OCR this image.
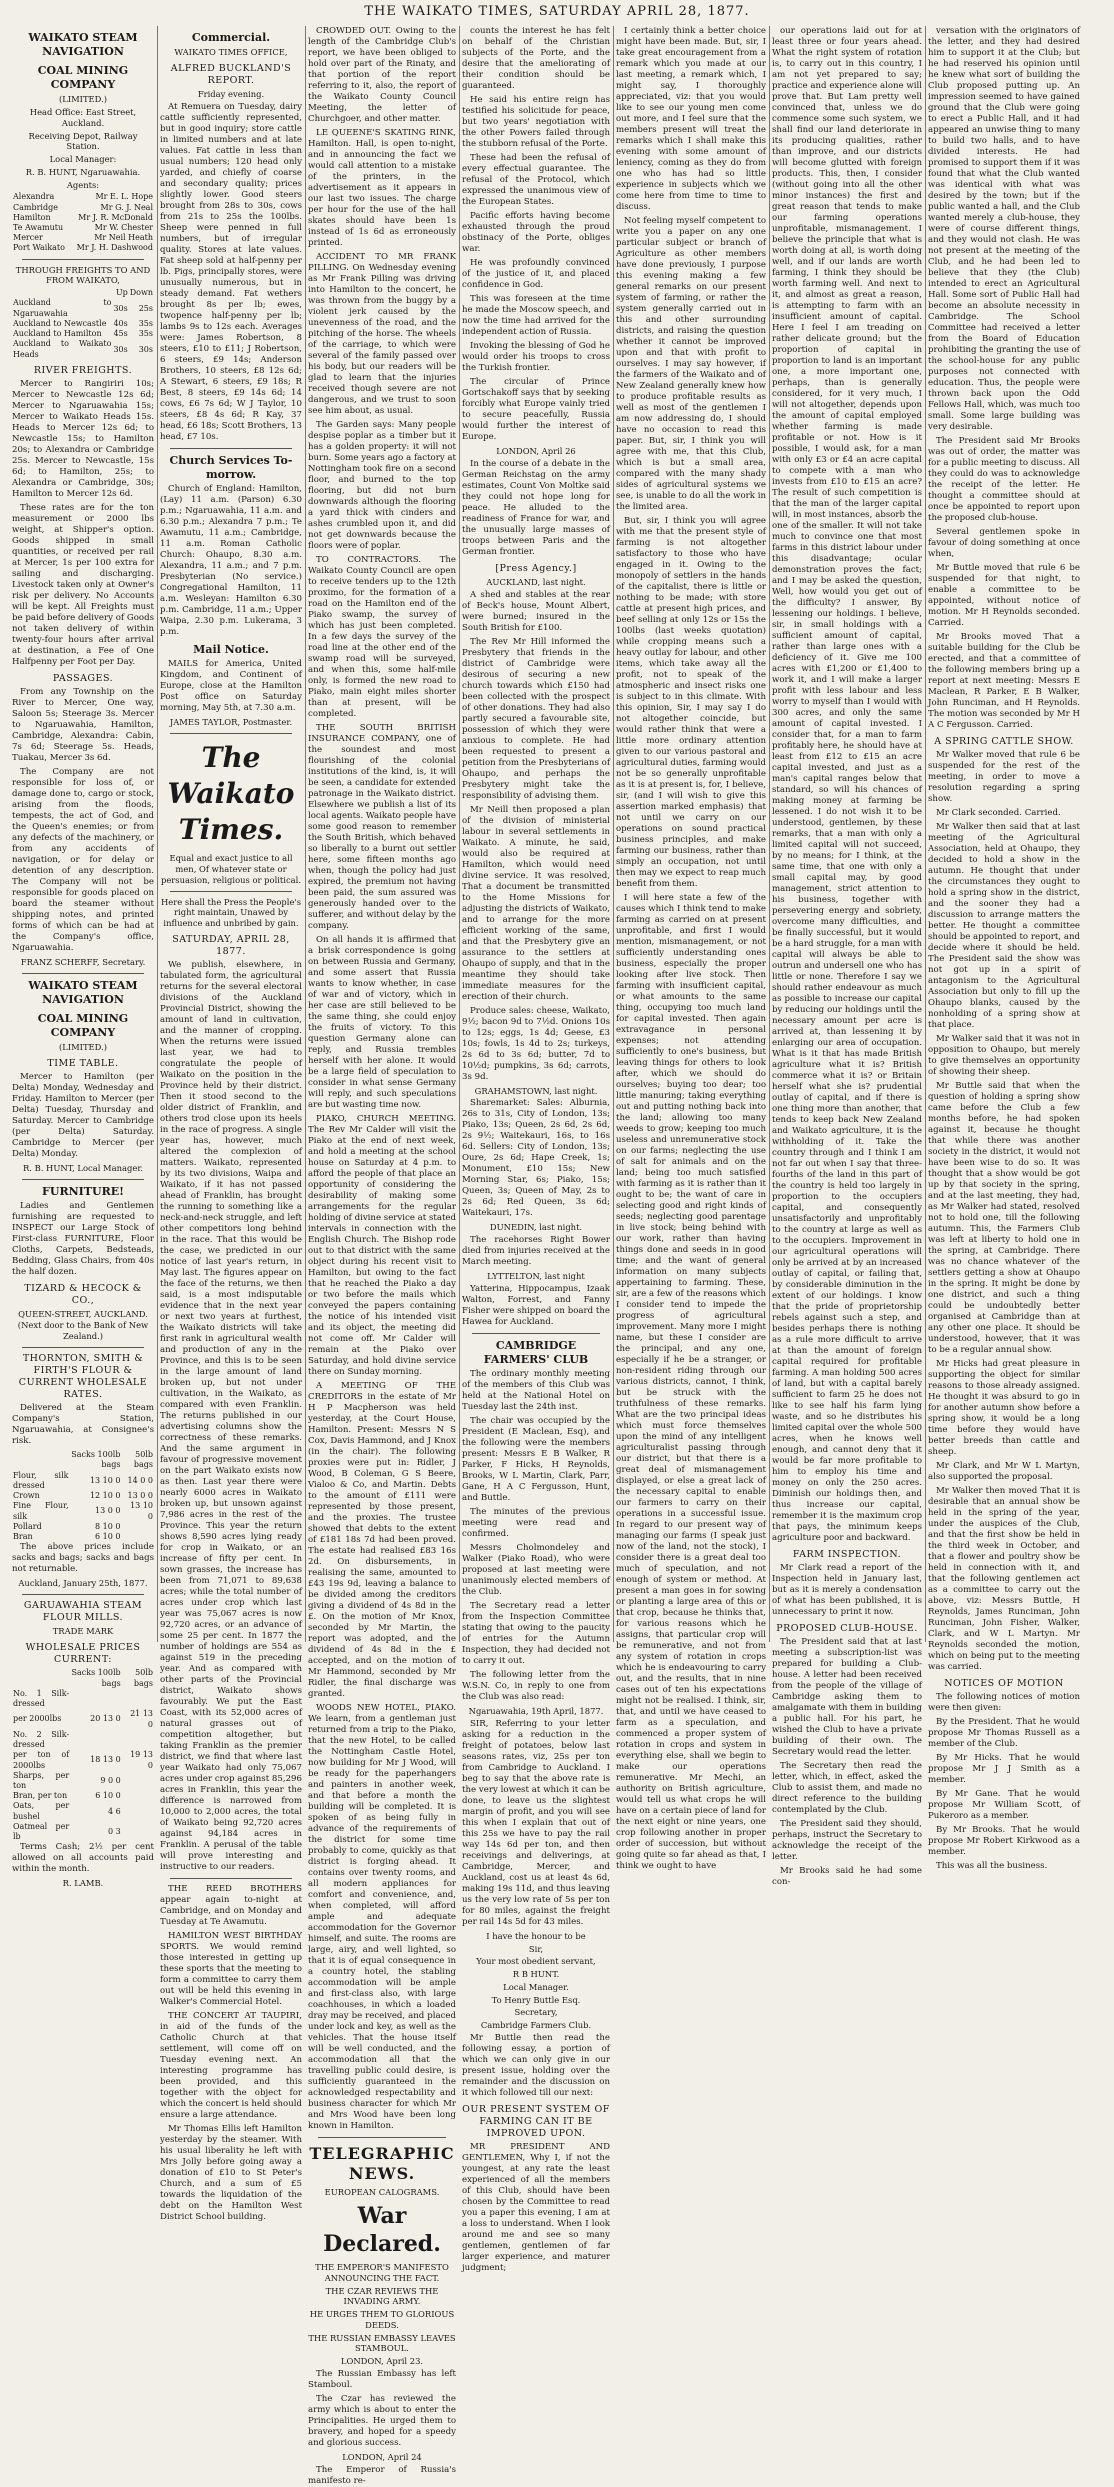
THE WAIKATO TIMES, SATURDAY APRIL 28, 1877.
WAIKATO STEAM NAVIGATION
COAL MINING COMPANY
(LIMITED.)
Head Office: East Street, Auckland.
Receiving Depot, Railway Station.
Local Manager:
R. B. HUNT, Ngaruawahia.
Agents:
Alexandra	Mr E. L. Hope
Cambridge	Mr G. J. Neal
Hamilton	Mr J. R. McDonald
Te Awamutu	Mr W. Chester
Mercer	Mr Neil Heath
Port Waikato	Mr J. H. Dashwood
THROUGH FREIGHTS TO AND FROM WAIKATO,
	Up	Down
Auckland to Ngaruawahia	30s	25s
Auckland to Newcastle	40s	35s
Auckland to Hamilton	45s	35s
Auckland to Waikato Heads	30s	30s
RIVER FREIGHTS.

Mercer to Rangiriri 10s; Mercer to Newcastle 12s 6d; Mercer to Ngaruawahia 15s; Mercer to Waikato Heads 15s. Heads to Mercer 12s 6d; to Newcastle 15s; to Hamilton 20s; to Alexandra or Cambridge 25s. Mercer to Newcastle, 15s 6d; to Hamilton, 25s; to Alexandra or Cambridge, 30s; Hamilton to Mercer 12s 6d.

These rates are for the ton measurement or 2000 lbs weight, at Shipper's option. Goods shipped in small quantities, or received per rail at Mercer, 1s per 100 extra for sailing and discharging. Livestock taken only at Owner's risk per delivery. No Accounts will be kept. All Freights must be paid before delivery of Goods not taken delivery of within twenty-four hours after arrival at destination, a Fee of One Halfpenny per Foot per Day.

PASSAGES.

From any Township on the River to Mercer, One way, Saloon 5s; Steerage 3s. Mercer to Ngaruawahia, Hamilton, Cambridge, Alexandra: Cabin, 7s 6d; Steerage 5s. Heads, Tuakau, Mercer 3s 6d.

The Company are not responsible for loss of, or damage done to, cargo or stock, arising from the floods, tempests, the act of God, and the Queen's enemies; or from any defects of the machinery, or from any accidents of navigation, or for delay or detention of any description. The Company will not be responsible for goods placed on board the steamer without shipping notes, and printed forms of which can be had at the Company's office, Ngaruawahia.

FRANZ SCHERFF, Secretary.
WAIKATO STEAM NAVIGATION
COAL MINING COMPANY
(LIMITED.)
TIME TABLE.

Mercer to Hamilton (per Delta) Monday, Wednesday and Friday. Hamilton to Mercer (per Delta) Tuesday, Thursday and Saturday. Mercer to Cambridge (per Delta) Saturday. Cambridge to Mercer (per Delta) Monday.

R. B. HUNT, Local Manager.
FURNITURE!

Ladies and Gentlemen furnishing are requested to INSPECT our Large Stock of First-class FURNITURE, Floor Cloths, Carpets, Bedsteads, Bedding, Glass Chairs, from 40s the half dozen.

TIZARD & HECOCK & CO.,
QUEEN-STREET, AUCKLAND. (Next door to the Bank of New Zealand.)
THORNTON, SMITH & FIRTH'S FLOUR & CURRENT WHOLESALE RATES.

Delivered at the Steam Company's Station, Ngaruawahia, at Consignee's risk.

	Sacks 100lb bags	50lb bags
Flour, silk dressed	13 10 0	14 0 0
Crown	12 10 0	13 0 0
Fine Flour, silk	13 0 0	13 10 0
Pollard	8 10 0	
Bran	6 10 0	

The above prices include sacks and bags; sacks and bags not returnable.

Auckland, January 25th, 1877.
GARUAWAHIA STEAM FLOUR MILLS.
TRADE MARK
WHOLESALE PRICES CURRENT:
	Sacks 100lb bags	50lb bags
No. 1 Silk-dressed		
per 2000lbs	20 13 0	21 13 0
No. 2 Silk-dressed		
per ton of 2000lbs	18 13 0	19 13 0
Sharps, per ton	9 0 0	
Bran, per ton	6 10 0	
Oats, per bushel	4 6	
Oatmeal per lb	0 3	

Terms Cash; 2½ per cent allowed on all accounts paid within the month.

R. LAMB.
Commercial.
WAIKATO TIMES OFFICE,
ALFRED BUCKLAND'S REPORT.
Friday evening.

At Remuera on Tuesday, dairy cattle sufficiently represented, but in good inquiry; store cattle in limited numbers and at late values. Fat cattle in less than usual numbers; 120 head only yarded, and chiefly of coarse and secondary quality; prices slightly lower. Good steers brought from 28s to 30s, cows from 21s to 25s the 100lbs. Sheep were penned in full numbers, but of irregular quality. Stores at late values. Fat sheep sold at half-penny per lb. Pigs, principally stores, were unusually numerous, but in steady demand. Fat wethers brought 8s per lb; ewes, twopence half-penny per lb; lambs 9s to 12s each. Averages were: James Robertson, 8 steers, £10 to £11; J Robertson, 6 steers, £9 14s; Anderson Brothers, 10 steers, £8 12s 6d; A Stewart, 6 steers, £9 18s; R Best, 8 steers, £9 14s 6d; 14 cows, £6 7s 6d; W J Taylor, 10 steers, £8 4s 6d; R Kay, 37 head, £6 18s; Scott Brothers, 13 head, £7 10s.

Church Services To-morrow.

Church of England: Hamilton, (Lay) 11 a.m. (Parson) 6.30 p.m.; Ngaruawahia, 11 a.m. and 6.30 p.m.; Alexandra 7 p.m.; Te Awamutu, 11 a.m.; Cambridge, 11 a.m. Roman Catholic Church: Ohaupo, 8.30 a.m. Alexandra, 11 a.m.; and 7 p.m. Presbyterian (No service.) Congregational Hamilton, 11 a.m. Wesleyan: Hamilton 6.30 p.m. Cambridge, 11 a.m.; Upper Waipa, 2.30 p.m. Lukerama, 3 p.m.

Mail Notice.

MAILS for America, United Kingdom, and Continent of Europe, close at the Hamilton Post office on Saturday morning, May 5th, at 7.30 a.m.

JAMES TAYLOR, Postmaster.
The Waikato Times.
Equal and exact justice to all men, Of whatever state or persuasion, religious or political.
Here shall the Press the People's right maintain, Unawed by influence and unbribed by gain.
SATURDAY, APRIL 28, 1877.

We publish, elsewhere, in tabulated form, the agricultural returns for the several electoral divisions of the Auckland Provincial District, showing the amount of land in cultivation, and the manner of cropping. When the returns were issued last year, we had to congratulate the people of Waikato on the position in the Province held by their district. Then it stood second to the older district of Franklin, and others trod close upon its heels in the race of progress. A single year has, however, much altered the complexion of matters. Waikato, represented by its two divisions, Waipa and Waikato, if it has not passed ahead of Franklin, has brought the running to something like a neck-and-neck struggle, and left other competitors long behind in the race. That this would be the case, we predicted in our notice of last year's return, in May last. The figures appear on the face of the returns, we then said, is a most indisputable evidence that in the next year or next two years at furthest, the Waikato districts will take first rank in agricultural wealth and production of any in the Province, and this is to be seen in the large amount of land broken up, but not under cultivation, in the Waikato, as compared with even Franklin. The returns published in our advertising columns show the correctness of these remarks. And the same argument in favour of progressive movement on the part Waikato exists now as then. Last year there were nearly 6000 acres in Waikato broken up, but unsown against 7,986 acres in the rest of the Province. This year the return shows 8,590 acres lying ready for crop in Waikato, or an increase of fifty per cent. In sown grasses, the increase has been from 71,071 to 89,638 acres; while the total number of acres under crop which last year was 75,067 acres is now 92,720 acres, or an advance of some 25 per cent. In 1877 the number of holdings are 554 as against 519 in the preceding year. And as compared with other parts of the Provincial district, Waikato shows favourably. We put the East Coast, with its 52,000 acres of natural grasses out of competition altogether, but taking Franklin as the premier district, we find that where last year Waikato had only 75,067 acres under crop against 85,296 acres in Franklin, this year the difference is narrowed from 10,000 to 2,000 acres, the total of Waikato being 92,720 acres against 94,184 acres in Franklin. A perusal of the table will prove interesting and instructive to our readers.

THE REED BROTHERS appear again to-night at Cambridge, and on Monday and Tuesday at Te Awamutu.

HAMILTON WEST BIRTHDAY SPORTS. We would remind those interested in getting up these sports that the meeting to form a committee to carry them out will be held this evening in Walker's Commercial Hotel.

THE CONCERT AT TAUPIRI, in aid of the funds of the Catholic Church at that settlement, will come off on Tuesday evening next. An interesting programme has been provided, and this together with the object for which the concert is held should ensure a large attendance.

Mr Thomas Ellis left Hamilton yesterday by the steamer. With his usual liberality he left with Mrs Jolly before going away a donation of £10 to St Peter's Church, and a sum of £5 towards the liquidation of the debt on the Hamilton West District School building.

CROWDED OUT. Owing to the length of the Cambridge Club's report, we have been obliged to hold over part of the Rinaty, and that portion of the report referring to it, also, the report of the Waikato County Council Meeting, the letter of Churchgoer, and other matter.

LE QUEENE'S SKATING RINK, Hamilton. Hall, is open to-night, and in announcing the fact we would call attention to a mistake of the printers, in the advertisement as it appears in our last two issues. The charge per hour for the use of the hall skates should have been 1s instead of 1s 6d as erroneously printed.

ACCIDENT TO MR FRANK PILLING. On Wednesday evening as Mr Frank Pilling was driving into Hamilton to the concert, he was thrown from the buggy by a violent jerk caused by the unevenness of the road, and the pitching of the horse. The wheels of the carriage, to which were several of the family passed over his body, but our readers will be glad to learn that the injuries received though severe are not dangerous, and we trust to soon see him about, as usual.

The Garden says: Many people despise poplar as a timber but it has a golden property: it will not burn. Some years ago a factory at Nottingham took fire on a second floor, and burned to the top flooring, but did not burn downwards although the flooring a yard thick with cinders and ashes crumbled upon it, and did not get downwards because the floors were of poplar.

TO CONTRACTORS. The Waikato County Council are open to receive tenders up to the 12th proximo, for the formation of a road on the Hamilton end of the Piako swamp, the survey of which has just been completed. In a few days the survey of the road line at the other end of the swamp road will be surveyed, and when this, some half-mile only, is formed the new road to Piako, main eight miles shorter than at present, will be completed.

THE SOUTH BRITISH INSURANCE COMPANY, one of the soundest and most flourishing of the colonial institutions of the kind, is, it will be seen, a candidate for extended patronage in the Waikato district. Elsewhere we publish a list of its local agents. Waikato people have some good reason to remember the South British, which behaved so liberally to a burnt out settler here, some fifteen months ago when, though the policy had just expired, the premium not having been paid, the sum assured was generously handed over to the sufferer, and without delay by the company.

On all hands it is affirmed that a brisk correspondence is going on between Russia and Germany, and some assert that Russia wants to know whether, in case of war and of victory, which in her case are still believed to be the same thing, she could enjoy the fruits of victory. To this question Germany alone can reply, and Russia trembles herself with her alone. It would be a large field of speculation to consider in what sense Germany will reply, and such speculations are but wasting time now.

PIAKO, CHURCH MEETING. The Rev Mr Calder will visit the Piako at the end of next week, and hold a meeting at the school house on Saturday at 4 p.m. to afford the people of that place an opportunity of considering the desirability of making some arrangements for the regular holding of divine service at stated intervals in connection with the English Church. The Bishop rode out to that district with the same object during his recent visit to Hamilton, but owing to the fact that he reached the Piako a day or two before the mails which conveyed the papers containing the notice of his intended visit and its object, the meeting did not come off. Mr Calder will remain at the Piako over Saturday, and hold divine service there on Sunday morning.

A MEETING OF THE CREDITORS in the estate of Mr H P Macpherson was held yesterday, at the Court House, Hamilton. Present: Messrs N S Cox, Davis Hammond, and J Knox (in the chair). The following proxies were put in: Ridler, J Wood, B Coleman, G S Beere, Vialoo & Co, and Martin. Debts to the amount of £111 were represented by those present, and the proxies. The trustee showed that debts to the extent of £181 18s 7d had been proved. The estate had realised £83 16s 2d. On disbursements, in realising the same, amounted to £43 19s 9d, leaving a balance to be divided among the creditors giving a dividend of 4s 8d in the £. On the motion of Mr Knox, seconded by Mr Martin, the report was adopted, and the dividend of 4s 8d in the £ accepted, and on the motion of Mr Hammond, seconded by Mr Ridler, the final discharge was granted.

WOODS NEW HOTEL, PIAKO. We learn, from a gentleman just returned from a trip to the Piako, that the new Hotel, to be called the Nottingham Castle Hotel, now building for Mr J Wood, will be ready for the paperhangers and painters in another week, and that before a month the building will be completed. It is spoken of as being fully in advance of the requirements of the district for some time probably to come, quickly as that district is forging ahead. It contains over twenty rooms, and all modern appliances for comfort and convenience, and, when completed, will afford ample and adequate accommodation for the Governor himself, and suite. The rooms are large, airy, and well lighted, so that it is of equal consequence in a country hotel, the stabling accommodation will be ample and first-class also, with large coachhouses, in which a loaded dray may be received, and placed under lock and key, as well as the vehicles. That the house itself will be well conducted, and the accommodation all that the travelling public could desire, is sufficiently guaranteed in the acknowledged respectability and business character for which Mr and Mrs Wood have been long known in Hamilton.

TELEGRAPHIC NEWS.
EUROPEAN CALOGRAMS.
War Declared.
THE EMPEROR'S MANIFESTO ANNOUNCING THE FACT.
THE CZAR REVIEWS THE INVADING ARMY.
HE URGES THEM TO GLORIOUS DEEDS.
THE RUSSIAN EMBASSY LEAVES STAMBOUL.
LONDON, April 23.

The Russian Embassy has left Stamboul.

The Czar has reviewed the army which is about to enter the Principalities. He urged them to bravery, and hoped for a speedy and glorious success.

LONDON, April 24

The Emperor of Russia's manifesto re-

counts the interest he has felt on behalf of the Christian subjects of the Porte, and the desire that the ameliorating of their condition should be guaranteed.

He said his entire reign has testified his solicitude for peace, but two years' negotiation with the other Powers failed through the stubborn refusal of the Porte.

These had been the refusal of every effectual guarantee. The refusal of the Protocol, which expressed the unanimous view of the European States.

Pacific efforts having become exhausted through the proud obstinacy of the Porte, obliges war.

He was profoundly convinced of the justice of it, and placed confidence in God.

This was foreseen at the time he made the Moscow speech, and now the time had arrived for the independent action of Russia.

Invoking the blessing of God he would order his troops to cross the Turkish frontier.

The circular of Prince Gortschakoff says that by seeking forcibly what Europe vainly tried to secure peacefully, Russia would further the interest of Europe.

LONDON, April 26

In the course of a debate in the German Reichstag on the army estimates, Count Von Moltke said they could not hope long for peace. He alluded to the readiness of France for war, and the unusually large masses of troops between Paris and the German frontier.

[Press Agency.]
AUCKLAND, last night.

A shed and stables at the rear of Beck's house, Mount Albert, were burned; insured in the South British for £100.

The Rev Mr Hill informed the Presbytery that friends in the district of Cambridge were desirous of securing a new church towards which £150 had been collected with the prospect of other donations. They had also partly secured a favourable site, possession of which they were anxious to complete. He had been requested to present a petition from the Presbyterians of Ohaupo, and perhaps the Presbytery might take the responsibility of advising them.

Mr Neill then proposed a plan of the division of ministerial labour in several settlements in Waikato. A minute, he said, would also be required at Hamilton, which would need divine service. It was resolved, That a document be transmitted to the Home Missions for adjusting the districts of Waikato, and to arrange for the more efficient working of the same, and that the Presbytery give an assurance to the settlers at Ohaupo of supply, and that in the meantime they should take immediate measures for the erection of their church.

Produce sales: cheese, Waikato, 9½; bacon 9d to 7½d. Onions 10s to 12s; eggs, 1s 4d; Geese, £3 10s; fowls, 1s 4d to 2s; turkeys, 2s 6d to 3s 6d; butter, 7d to 10½d; pumpkins, 3s 6d; carrots, 3s 9d.

GRAHAMSTOWN, last night.

Sharemarket: Sales: Alburnia, 26s to 31s, City of London, 13s; Piako, 13s; Queen, 2s 6d, 2s 6d, 2s 9½; Waitekauri, 16s, to 16s 6d. Sellers: City of London, 13s; Oure, 2s 6d; Hape Creek, 1s; Monument, £10 15s; New Morning Star, 6s; Piako, 15s; Queen, 3s; Queen of May, 2s to 2s 6d; Red Queen, 3s 6d; Waitekauri, 17s.

DUNEDIN, last night.

The racehorses Right Bower died from injuries received at the March meeting.

LYTTELTON, last night

Yatterina, Hippocampus, Izaak Walton, Forrest, and Fanny Fisher were shipped on board the Hawea for Auckland.

CAMBRIDGE FARMERS' CLUB

The ordinary monthly meeting of the members of this Club was held at the National Hotel on Tuesday last the 24th inst.

The chair was occupied by the President (E Maclean, Esq), and the following were the members present: Messrs E B Walker, R Parker, F Hicks, H Reynolds, Brooks, W L Martin, Clark, Parr, Gane, H A C Fergusson, Hunt, and Buttle.

The minutes of the previous meeting were read and confirmed.

Messrs Cholmondeley and Walker (Piako Road), who were proposed at last meeting were unanimously elected members of the Club.

The Secretary read a letter from the Inspection Committee stating that owing to the paucity of entries for the Autumn Inspection, they had decided not to carry it out.

The following letter from the W.S.N. Co, in reply to one from the Club was also read:

Ngaruawahia, 19th April, 1877.

SIR, Referring to your letter asking for a reduction in the freight of potatoes, below last seasons rates, viz, 25s per ton from Cambridge to Auckland. I beg to say that the above rate is the very lowest at which it can be done, to leave us the slightest margin of profit, and you will see this when I explain that out of this 25s we have to pay the rail way 14s 6d per ton, and then receivings and deliverings, at Cambridge, Mercer, and Auckland, cost us at least 4s 6d, making 19s 11d, and thus leaving us the very low rate of 5s per ton for 80 miles, against the freight per rail 14s 5d for 43 miles.

I have the honour to be
Sir,
Your most obedient servant,
R B HUNT.
Local Manager.
To Henry Buttle Esq.
Secretary,
Cambridge Farmers Club.

Mr Buttle then read the following essay, a portion of which we can only give in our present issue, holding over the remainder and the discussion on it which followed till our next:

OUR PRESENT SYSTEM OF FARMING CAN IT BE IMPROVED UPON.

MR PRESIDENT AND GENTLEMEN, Why I, if not the youngest, at any rate the least experienced of all the members of this Club, should have been chosen by the Committee to read you a paper this evening, I am at a loss to understand. When I look around me and see so many gentlemen, gentlemen of far larger experience, and maturer judgment;

I certainly think a better choice might have been made. But, sir, I take great encouragement from a remark which you made at our last meeting, a remark which, I might say, I thoroughly appreciated, viz: that you would like to see our young men come out more, and I feel sure that the members present will treat the remarks which I shall make this evening with some amount of leniency, coming as they do from one who has had so little experience in subjects which we come here from time to time to discuss.

Not feeling myself competent to write you a paper on any one particular subject or branch of Agriculture as other members have done previously, I purpose this evening making a few general remarks on our present system of farming, or rather the system generally carried out in this and other surrounding districts, and raising the question whether it cannot be improved upon and that with profit to ourselves. I may say however, if the farmers of the Waikato and of New Zealand generally knew how to produce profitable results as well as most of the gentlemen I am now addressing do, I should have no occasion to read this paper. But, sir, I think you will agree with me, that this Club, which is but a small area, compared with the many shady sides of agricultural systems we see, is unable to do all the work in the limited area.

But, sir, I think you will agree with me that the present style of farming is not altogether satisfactory to those who have engaged in it. Owing to the monopoly of settlers in the hands of the capitalist, there is little or nothing to be made; with store cattle at present high prices, and beef selling at only 12s or 15s the 100lbs (last weeks quotation) while cropping means such a heavy outlay for labour, and other items, which take away all the profit, not to speak of the atmospheric and insect risks one is subject to in this climate. With this opinion, Sir, I may say I do not altogether coincide, but would rather think that were a little more ordinary attention given to our various pastoral and agricultural duties, farming would not be so generally unprofitable as it is at present is, for, I believe, sir, (and I will wish to give this assertion marked emphasis) that not until we carry on our operations on sound practical business principles, and make farming our business, rather than simply an occupation, not until then may we expect to reap much benefit from them.

I will here state a few of the causes which I think tend to make farming as carried on at present unprofitable, and first I would mention, mismanagement, or not sufficiently understanding ones business, especially the proper looking after live stock. Then farming with insufficient capital, or what amounts to the same thing, occupying too much land for capital invested. Then again extravagance in personal expenses; not attending sufficiently to one's business, but leaving things for others to look after, which we should do ourselves; buying too dear; too little manuring; taking everything out and putting nothing back into the land; allowing too many weeds to grow; keeping too much useless and unremunerative stock on our farms; neglecting the use of salt for animals and on the land; being too much satisfied with farming as it is rather than it ought to be; the want of care in selecting good and right kinds of seeds; neglecting good parentage in live stock; being behind with our work, rather than having things done and seeds in in good time; and the want of general information on many subjects appertaining to farming. These, sir, are a few of the reasons which I consider tend to impede the progress of agricultural improvement. Many more I might name, but these I consider are the principal, and any one, especially if he be a stranger, or non-resident riding through our various districts, cannot, I think, but be struck with the truthfulness of these remarks. What are the two principal ideas which must force themselves upon the mind of any intelligent agriculturalist passing through our district, but that there is a great deal of mismanagement displayed, or else a great lack of the necessary capital to enable our farmers to carry on their operations in a successful issue. In regard to our present way of managing our farms (I speak just now of the land, not the stock), I consider there is a great deal too much of speculation, and not enough of system or method. At present a man goes in for sowing or planting a large area of this or that crop, because he thinks that, for various reasons which he assigns, that particular crop will be remunerative, and not from any system of rotation in crops which he is endeavouring to carry out, and the results, that in nine cases out of ten his expectations might not be realised. I think, sir, that, and until we have ceased to farm as a speculation, and commenced a proper system of rotation in crops and system in everything else, shall we begin to make our operations remunerative. Mr Mechi, an authority on British agriculture, would tell us what crops he will have on a certain piece of land for the next eight or nine years, one crop following another in proper order of succession, but without going quite so far ahead as that, I think we ought to have

our operations laid out for at least three or four years ahead. What the right system of rotation is, to carry out in this country, I am not yet prepared to say; practice and experience alone will prove that. But Lam pretty well convinced that, unless we do commence some such system, we shall find our land deteriorate in its producing qualities, rather than improve, and our districts will become glutted with foreign products. This, then, I consider (without going into all the other minor instances) the first and great reason that tends to make our farming operations unprofitable, mismanagement. I believe the principle that what is worth doing at all, is worth doing well, and if our lands are worth farming, I think they should be worth farming well. And next to it, and almost as great a reason, is attempting to farm with an insufficient amount of capital. Here I feel I am treading on rather delicate ground; but the proportion of capital in proportion to land is an important one, a more important one, perhaps, than is generally considered, for it very much, I will not altogether, depends upon the amount of capital employed whether farming is made profitable or not. How is it possible, I would ask, for a man with only £3 or £4 an acre capital to compete with a man who invests from £10 to £15 an acre? The result of such competition is that the man of the larger capital will, in most instances, absorb the one of the smaller. It will not take much to convince one that most farms in this district labour under this disadvantage; ocular demonstration proves the fact; and I may be asked the question, Well, how would you get out of the difficulty? I answer, By lessening our holdings. I believe, sir, in small holdings with a sufficient amount of capital, rather than large ones with a deficiency of it. Give me 100 acres with £1,200 or £1,400 to work it, and I will make a larger profit with less labour and less worry to myself than I would with 300 acres, and only the same amount of capital invested. I consider that, for a man to farm profitably here, he should have at least from £12 to £15 an acre capital invested, and just as a man's capital ranges below that standard, so will his chances of making money at farming be lessened. I do not wish it to be understood, gentlemen, by these remarks, that a man with only a limited capital will not succeed, by no means; for I think, at the same time, that one with only a small capital may, by good management, strict attention to his business, together with persevering energy and sobriety, overcome many difficulties, and be finally successful, but it would be a hard struggle, for a man with capital will always be able to outrun and undersell one who has little or none. Therefore I say we should rather endeavour as much as possible to increase our capital by reducing our holdings until the necessary amount per acre is arrived at, than lessening it by enlarging our area of occupation. What is it that has made British agriculture what it is? British commerce what it is? or Britain herself what she is? prudential outlay of capital, and if there is one thing more than another, that tends to keep back New Zealand and Waikato agriculture, it is the withholding of it. Take the country through and I think I am not far out when I say that three-fourths of the land in this part of the country is held too largely in proportion to the occupiers capital, and consequently unsatisfactorily and unprofitably to the country at large as well as to the occupiers. Improvement in our agricultural operations will only be arrived at by an increased outlay of capital, or failing that, by considerable diminution in the extent of our holdings. I know that the pride of proprietorship rebels against such a step, and besides perhaps there is nothing as a rule more difficult to arrive at than the amount of foreign capital required for profitable farming. A man holding 500 acres of land, but with a capital barely sufficient to farm 25 he does not like to see half his farm lying waste, and so he distributes his limited capital over the whole 500 acres, when he knows well enough, and cannot deny that it would be far more profitable to him to employ his time and money on only the 250 acres. Diminish our holdings then, and thus increase our capital, remember it is the maximum crop that pays, the minimum keeps agriculture poor and backward.

FARM INSPECTION.

Mr Clark read a report of the Inspection held in January last, but as it is merely a condensation of what has been published, it is unnecessary to print it now.

PROPOSED CLUB-HOUSE.

The President said that at last meeting a subscription-list was prepared for building a Club-house. A letter had been received from the people of the village of Cambridge asking them to amalgamate with them in building a public hall. For his part, he wished the Club to have a private building of their own. The Secretary would read the letter.

The Secretary then read the letter, which, in effect, asked the Club to assist them, and made no direct reference to the building contemplated by the Club.

The President said they should, perhaps, instruct the Secretary to acknowledge the receipt of the letter.

Mr Brooks said he had some con-

versation with the originators of the letter, and they had desired him to support it at the Club; but he had reserved his opinion until he knew what sort of building the Club proposed putting up. An impression seemed to have gained ground that the Club were going to erect a Public Hall, and it had appeared an unwise thing to many to build two halls, and to have divided interests. He had promised to support them if it was found that what the Club wanted was identical with what was desired by the town; but if the public wanted a hall, and the Club wanted merely a club-house, they were of course different things, and they would not clash. He was not present at the meeting of the Club, and he had been led to believe that they (the Club) intended to erect an Agricultural Hall. Some sort of Public Hall had become an absolute necessity in Cambridge. The School Committee had received a letter from the Board of Education prohibiting the granting the use of the school-house for any public purposes not connected with education. Thus, the people were thrown back upon the Odd Fellows Hall, which, was much too small. Some large building was very desirable.

The President said Mr Brooks was out of order, the matter was for a public meeting to discuss. All they could do was to acknowledge the receipt of the letter. He thought a committee should at once be appointed to report upon the proposed club-house.

Several gentlemen spoke in favour of doing something at once when,

Mr Buttle moved that rule 6 be suspended for that night, to enable a committee to be appointed, without notice of motion. Mr H Reynolds seconded. Carried.

Mr Brooks moved That a suitable building for the Club be erected, and that a committee of the following members bring up a report at next meeting: Messrs E Maclean, R Parker, E B Walker, John Runciman, and H Reynolds. The motion was seconded by Mr H A C Fergusson. Carried.

A SPRING CATTLE SHOW.

Mr Walker moved that rule 6 be suspended for the rest of the meeting, in order to move a resolution regarding a spring show.

Mr Clark seconded. Carried.

Mr Walker then said that at last meeting of the Agricultural Association, held at Ohaupo, they decided to hold a show in the autumn. He thought that under the circumstances they ought to hold a spring show in the district, and the sooner they had a discussion to arrange matters the better. He thought a committee should be appointed to report, and decide where it should be held. The President said the show was not got up in a spirit of antagonism to the Agricultural Association but only to fill up the Ohaupo blanks, caused by the nonholding of a spring show at that place.

Mr Walker said that it was not in opposition to Ohaupo, but merely to give themselves an opportunity of showing their sheep.

Mr Buttle said that when the question of holding a spring show came before the Club a few months before, he had spoken against it, because he thought that while there was another society in the district, it would not have been wise to do so. It was thought that a show would be got up by that society in the spring, and at the last meeting, they had, as Mr Walker had stated, resolved not to hold one, till the following autumn. This, the Farmers Club was left at liberty to hold one in the spring, at Cambridge. There was no chance whatever of the settlers getting a show at Ohaupo in the spring. It might be done by one district, and such a thing could be undoubtedly better organised at Cambridge than at any other one place. It should be understood, however, that it was to be a regular annual show.

Mr Hicks had great pleasure in supporting the object for similar reasons to those already assigned. He thought it was absurd to go in for another autumn show before a spring show, it would be a long time before they would have better breeds than cattle and sheep.

Mr Clark, and Mr W L Martyn, also supported the proposal.

Mr Walker then moved That it is desirable that an annual show be held in the spring of the year, under the auspices of the Club, and that the first show be held in the third week in October, and that a flower and poultry show be held in connection with it, and that the following gentlemen act as a committee to carry out the above, viz: Messrs Buttle, H Reynolds, James Runciman, John Runciman, John Fisher, Walker, Clark, and W L Martyn. Mr Reynolds seconded the motion, which on being put to the meeting was carried.

NOTICES OF MOTION

The following notices of motion were then given:

By the President. That he would propose Mr Thomas Russell as a member of the Club.

By Mr Hicks. That he would propose Mr J J Smith as a member.

By Mr Gane. That he would propose Mr William Scott, of Pukeroro as a member.

By Mr Brooks. That he would propose Mr Robert Kirkwood as a member.

This was all the business.
